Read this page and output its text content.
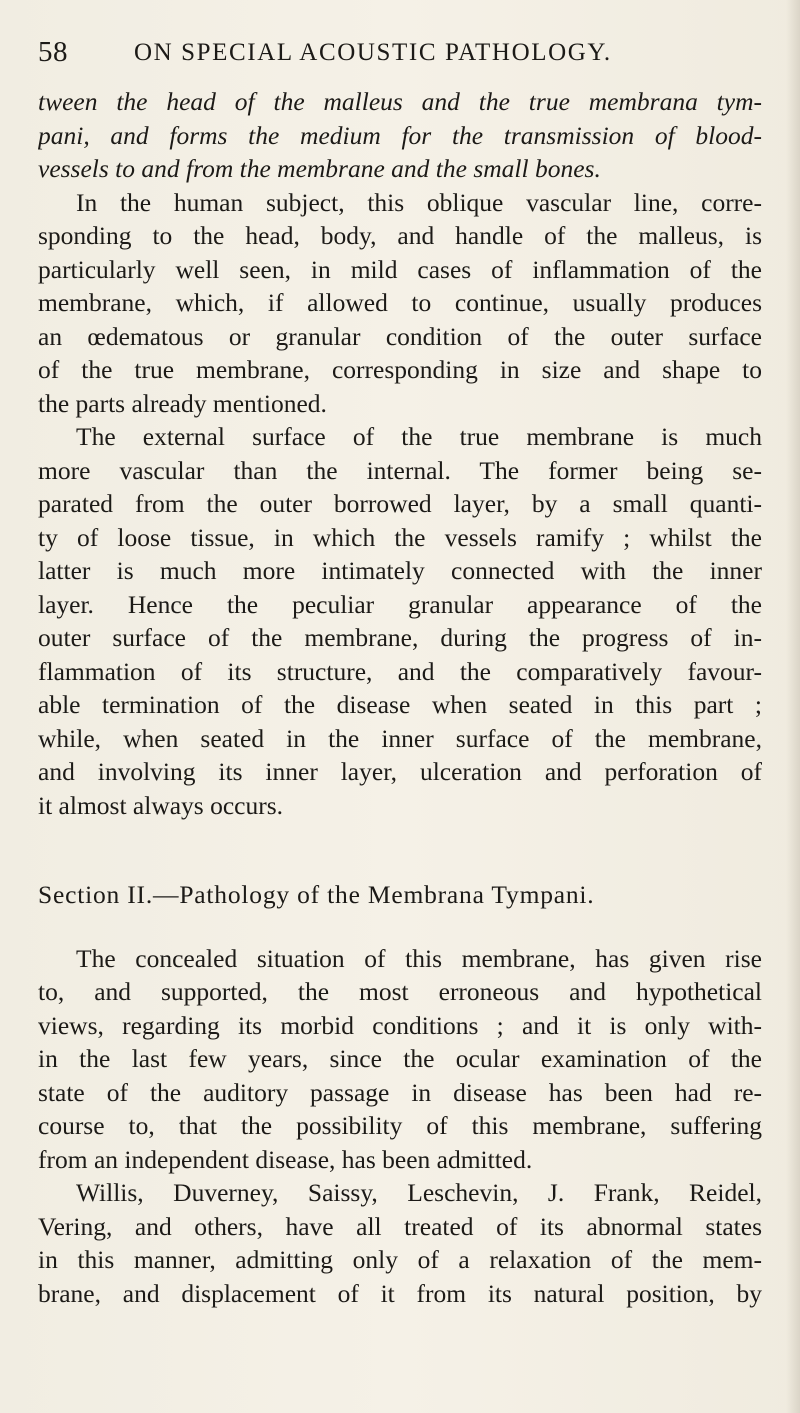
58	ON SPECIAL ACOUSTIC PATHOLOGY.
tween the head of the malleus and the true membrana tym-
pani, and forms the medium for the transmission of blood-
vessels to and from the membrane and the small bones.
In the human subject, this oblique vascular line, corre-
sponding to the head, body, and handle of the malleus, is
particularly well seen, in mild cases of inflammation of the
membrane, which, if allowed to continue, usually produces
an œdematous or granular condition of the outer surface
of the true membrane, corresponding in size and shape to
the parts already mentioned.
The external surface of the true membrane is much
more vascular than the internal. The former being se-
parated from the outer borrowed layer, by a small quanti-
ty of loose tissue, in which the vessels ramify ; whilst the
latter is much more intimately connected with the inner
layer. Hence the peculiar granular appearance of the
outer surface of the membrane, during the progress of in-
flammation of its structure, and the comparatively favour-
able termination of the disease when seated in this part ;
while, when seated in the inner surface of the membrane,
and involving its inner layer, ulceration and perforation of
it almost always occurs.
Section II.—Pathology of the Membrana Tympani.
The concealed situation of this membrane, has given rise
to, and supported, the most erroneous and hypothetical
views, regarding its morbid conditions ; and it is only with-
in the last few years, since the ocular examination of the
state of the auditory passage in disease has been had re-
course to, that the possibility of this membrane, suffering
from an independent disease, has been admitted.
Willis, Duverney, Saissy, Leschevin, J. Frank, Reidel,
Vering, and others, have all treated of its abnormal states
in this manner, admitting only of a relaxation of the mem-
brane, and displacement of it from its natural position, by
